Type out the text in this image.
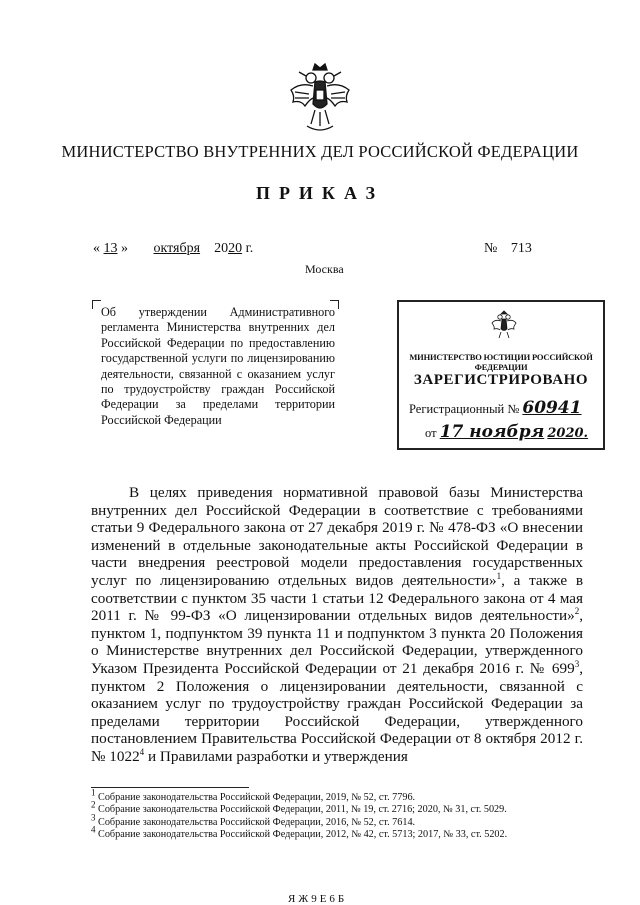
МИНИСТЕРСТВО ВНУТРЕННИХ ДЕЛ РОССИЙСКОЙ ФЕДЕРАЦИИ
ПРИКАЗ
« 13 » октября 2020 г.
Москва
№ 713
Об утверждении Административного регламента Министерства внутренних дел Российской Федерации по предоставлению государственной услуги по лицензированию деятельности, связанной с оказанием услуг по трудоустройству граждан Российской Федерации за пределами территории Российской Федерации
МИНИСТЕРСТВО ЮСТИЦИИ РОССИЙСКОЙ ФЕДЕРАЦИИ
ЗАРЕГИСТРИРОВАНО
Регистрационный № 60941
от 17 ноября 2020.
В целях приведения нормативной правовой базы Министерства внутренних дел Российской Федерации в соответствие с требованиями статьи 9 Федерального закона от 27 декабря 2019 г. № 478-ФЗ «О внесении изменений в отдельные законодательные акты Российской Федерации в части внедрения реестровой модели предоставления государственных услуг по лицензированию отдельных видов деятельности»$^1$, а также в соответствии с пунктом 35 части 1 статьи 12 Федерального закона от 4 мая 2011 г. № 99-ФЗ «О лицензировании отдельных видов деятельности»$^2$, пунктом 1, подпунктом 39 пункта 11 и подпунктом 3 пункта 20 Положения о Министерстве внутренних дел Российской Федерации, утвержденного Указом Президента Российской Федерации от 21 декабря 2016 г. № $699^3$, пунктом 2 Положения о лицензировании деятельности, связанной с оказанием услуг по трудоустройству граждан Российской Федерации за пределами территории Российской Федерации, утвержденного постановлением Правительства Российской Федерации от 8 октября 2012 г. № 1022$^4$ и Правилами разработки и утверждения
$^1$ Собрание законодательства Российской Федерации, 2019, № 52, ст. 7796.
$^2$ Собрание законодательства Российской Федерации, 2011, № 19, ст. 2716; 2020, № 31, ст. 5029.
$^3$ Собрание законодательства Российской Федерации, 2016, № 52, ст. 7614.
$^4$ Собрание законодательства Российской Федерации, 2012, № 42, ст. 5713; 2017, № 33, ст. 5202.
ЯЖ9Е6Б
